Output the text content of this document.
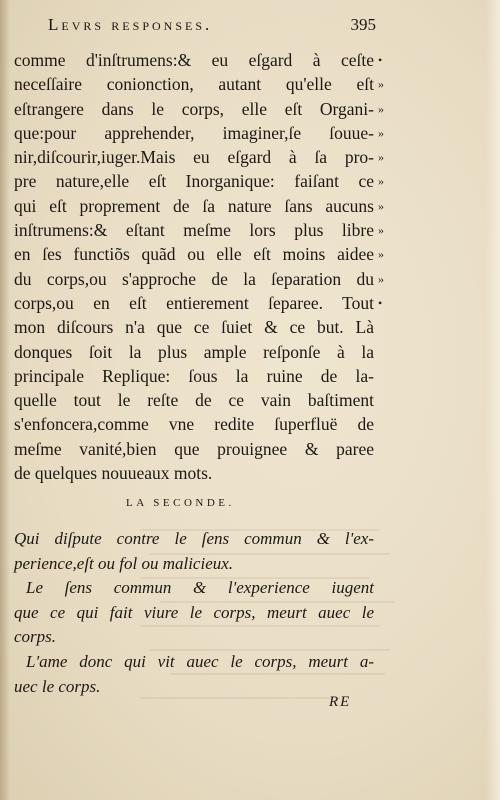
Levrs responses.	395
comme d'inſtrumens:& eu eſgard à ceſte
neceſſaire conionction, autant qu'elle eſt
eſtrangere dans le corps, elle eſt Organi-
que:pour apprehender, imaginer,ſe ſouue-
nir,diſcourir,iuger.Mais eu eſgard à ſa pro-
pre nature,elle eſt Inorganique: faiſant ce
qui eſt proprement de ſa nature ſans aucuns
inſtrumens:& eſtant meſme lors plus libre
en ſes functiõs quãd ou elle eſt moins aidee
du corps,ou s'approche de la ſeparation du
corps,ou en eſt entierement ſeparee. Tout
mon diſcours n'a que ce ſuiet & ce but. Là
donques ſoit la plus ample reſponſe à la
principale Replique: ſous la ruine de la-
quelle tout le reſte de ce vain baſtiment
s'enfoncera,comme vne redite ſuperfluë de
meſme vanité,bien que prouignee & paree
de quelques nouueaux mots.
•
»
»
»
»
»
»
»
»
»
•
LA SECONDE.
Qui diſpute contre le ſens commun & l'ex-
perience,eſt ou fol ou malicieux.
Le ſens commun & l'experience iugent
que ce qui fait viure le corps, meurt auec le
corps.
L'ame donc qui vit auec le corps, meurt a-
uec le corps.
RE
